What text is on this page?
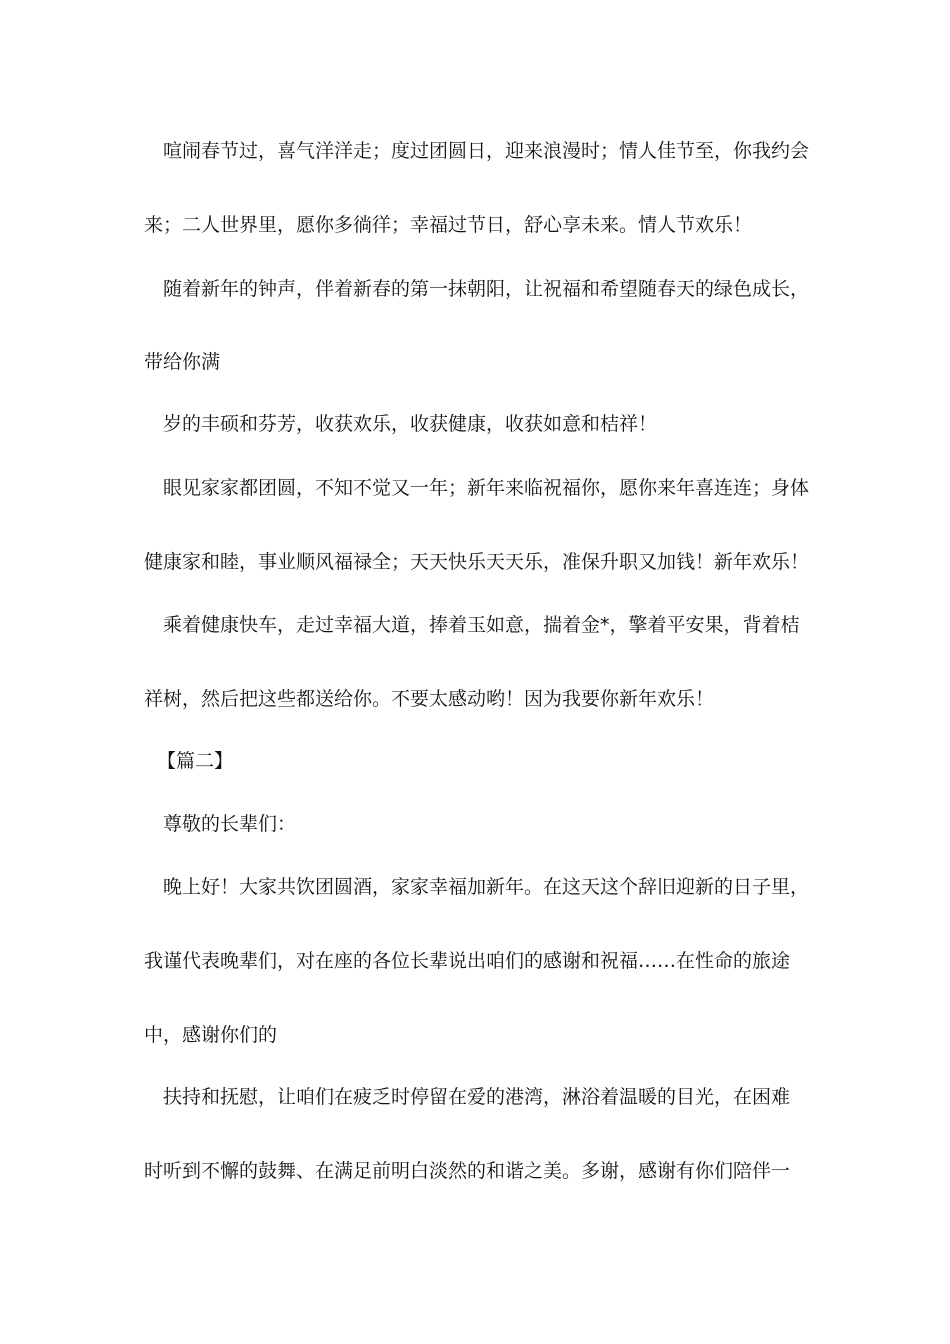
喧闹春节过，喜气洋洋走；度过团圆日，迎来浪漫时；情人佳节至，你我约会
来；二人世界里，愿你多徜徉；幸福过节日，舒心享未来。情人节欢乐！
随着新年的钟声，伴着新春的第一抹朝阳，让祝福和希望随春天的绿色成长，
带给你满
岁的丰硕和芬芳，收获欢乐，收获健康，收获如意和桔祥！
眼见家家都团圆，不知不觉又一年；新年来临祝福你，愿你来年喜连连；身体
健康家和睦，事业顺风福禄全；天天快乐天天乐，准保升职又加钱！新年欢乐！
乘着健康快车，走过幸福大道，捧着玉如意，揣着金*，擎着平安果，背着桔
祥树，然后把这些都送给你。不要太感动哟！因为我要你新年欢乐！
【篇二】
尊敬的长辈们：
晚上好！大家共饮团圆酒，家家幸福加新年。在这天这个辞旧迎新的日子里，
我谨代表晚辈们，对在座的各位长辈说出咱们的感谢和祝福……在性命的旅途
中，感谢你们的
扶持和抚慰，让咱们在疲乏时停留在爱的港湾，淋浴着温暖的目光，在困难
时听到不懈的鼓舞、在满足前明白淡然的和谐之美。多谢，感谢有你们陪伴一
